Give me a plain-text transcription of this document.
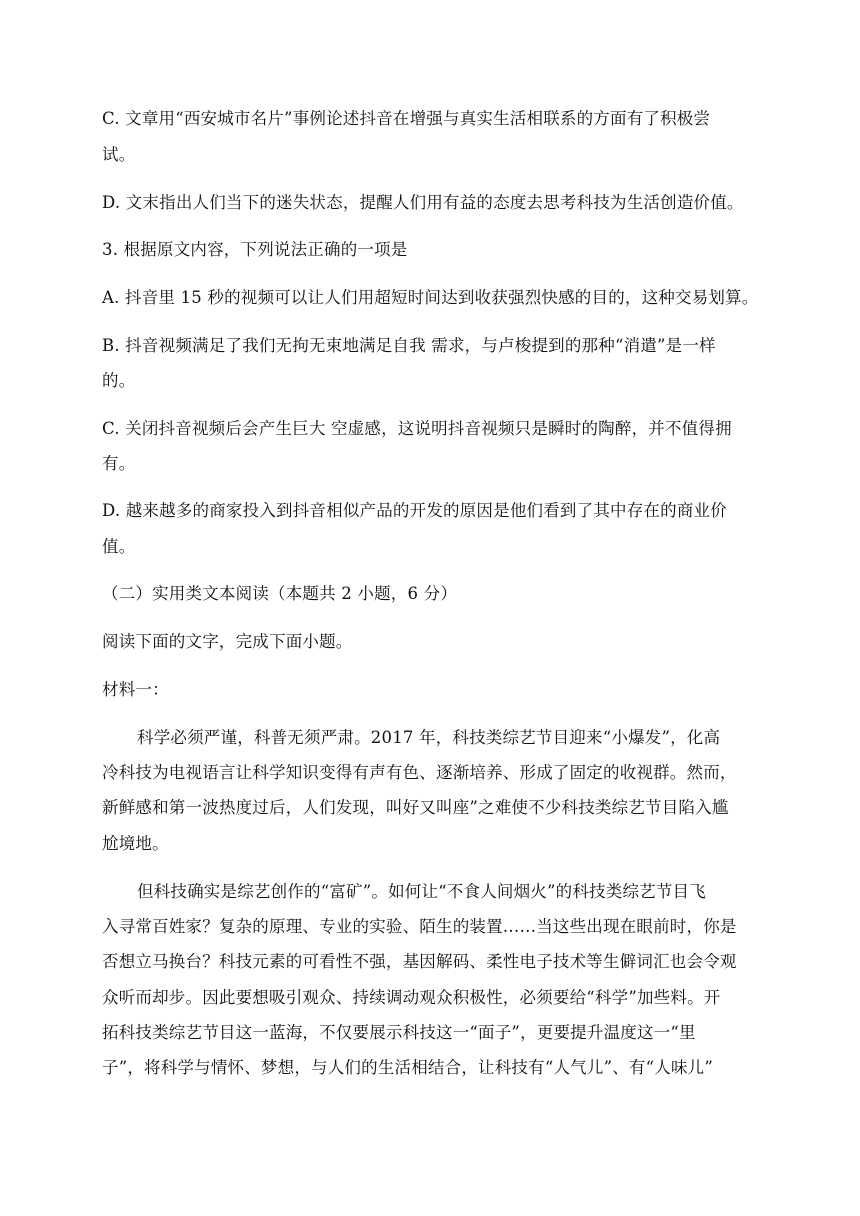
C. 文章用“西安城市名片”事例论述抖音在增强与真实生活相联系的方面有了积极尝
试。
D. 文末指出人们当下的迷失状态，提醒人们用有益的态度去思考科技为生活创造价值。
3. 根据原文内容，下列说法正确的一项是
A. 抖音里 15 秒的视频可以让人们用超短时间达到收获强烈快感的目的，这种交易划算。
B. 抖音视频满足了我们无拘无束地满足自我 需求，与卢梭提到的那种“消遣”是一样
的。
C. 关闭抖音视频后会产生巨大 空虚感，这说明抖音视频只是瞬时的陶醉，并不值得拥
有。
D. 越来越多的商家投入到抖音相似产品的开发的原因是他们看到了其中存在的商业价
值。
（二）实用类文本阅读（本题共 2 小题，6 分）
阅读下面的文字，完成下面小题。
材料一：
科学必须严谨，科普无须严肃。2017 年，科技类综艺节目迎来“小爆发”，化高
冷科技为电视语言让科学知识变得有声有色、逐渐培养、形成了固定的收视群。然而，
新鲜感和第一波热度过后，人们发现，叫好又叫座”之难使不少科技类综艺节目陷入尴
尬境地。
但科技确实是综艺创作的“富矿”。如何让“不食人间烟火”的科技类综艺节目飞
入寻常百姓家？复杂的原理、专业的实验、陌生的装置……当这些出现在眼前时，你是
否想立马换台？科技元素的可看性不强，基因解码、柔性电子技术等生僻词汇也会令观
众听而却步。因此要想吸引观众、持续调动观众积极性，必须要给“科学”加些料。开
拓科技类综艺节目这一蓝海，不仅要展示科技这一“面子”，更要提升温度这一“里
子”，将科学与情怀、梦想，与人们的生活相结合，让科技有“人气儿”、有“人味儿”
